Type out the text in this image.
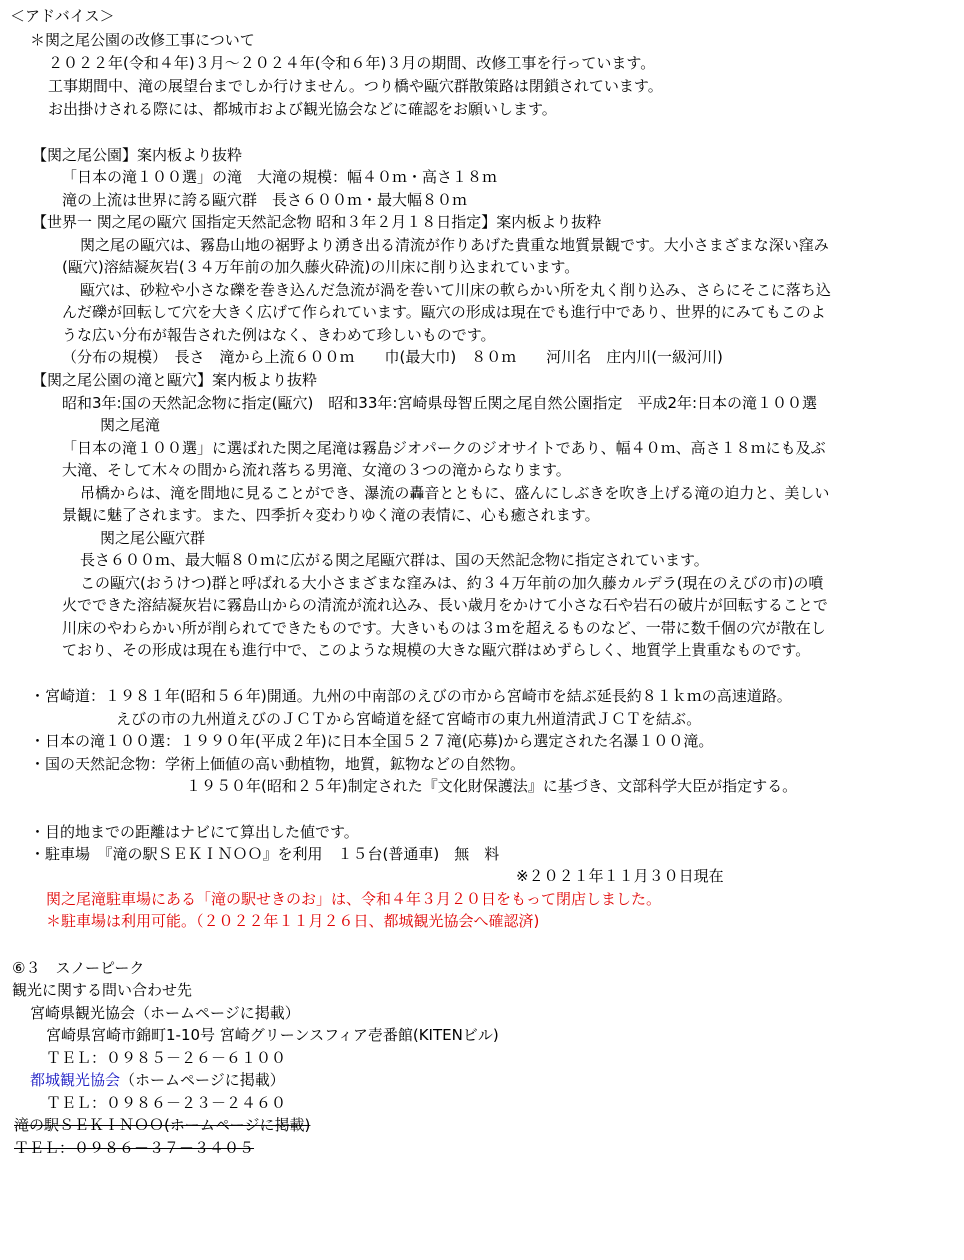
＜アドバイス＞
＊関之尾公園の改修工事について
２０２２年(令和４年)３月～２０２４年(令和６年)３月の期間、改修工事を行っています。
工事期間中、滝の展望台までしか行けません。つり橋や甌穴群散策路は閉鎖されています。
お出掛けされる際には、都城市および観光協会などに確認をお願いします。
【関之尾公園】案内板より抜粋
「日本の滝１００選」の滝　大滝の規模：幅４０ｍ・高さ１８ｍ
滝の上流は世界に誇る甌穴群　長さ６００ｍ・最大幅８０ｍ
【世界一 関之尾の甌穴 国指定天然記念物 昭和３年２月１８日指定】案内板より抜粋
関之尾の甌穴は、霧島山地の裾野より湧き出る清流が作りあげた貴重な地質景観です。大小さまざまな深い窪み
(甌穴)溶結凝灰岩(３４万年前の加久藤火砕流)の川床に削り込まれています。
甌穴は、砂粒や小さな礫を巻き込んだ急流が渦を巻いて川床の軟らかい所を丸く削り込み、さらにそこに落ち込
んだ礫が回転して穴を大きく広げて作られています。甌穴の形成は現在でも進行中であり、世界的にみてもこのよ
うな広い分布が報告された例はなく、きわめて珍しいものです。
（分布の規模）　長さ　滝から上流６００ｍ　　巾(最大巾)　８０ｍ　　河川名　庄内川(一級河川)
【関之尾公園の滝と甌穴】案内板より抜粋
昭和3年:国の天然記念物に指定(甌穴)　昭和33年:宮崎県母智丘関之尾自然公園指定　平成2年:日本の滝１００選
関之尾滝
「日本の滝１００選」に選ばれた関之尾滝は霧島ジオパークのジオサイトであり、幅４０ｍ、高さ１８ｍにも及ぶ
大滝、そして木々の間から流れ落ちる男滝、女滝の３つの滝からなります。
吊橋からは、滝を間地に見ることができ、瀑流の轟音とともに、盛んにしぶきを吹き上げる滝の迫力と、美しい
景観に魅了されます。また、四季折々変わりゆく滝の表情に、心も癒されます。
関之尾公甌穴群
長さ６００ｍ、最大幅８０ｍに広がる関之尾甌穴群は、国の天然記念物に指定されています。
この甌穴(おうけつ)群と呼ばれる大小さまざまな窪みは、約３４万年前の加久藤カルデラ(現在のえびの市)の噴
火でできた溶結凝灰岩に霧島山からの清流が流れ込み、長い歳月をかけて小さな石や岩石の破片が回転することで
川床のやわらかい所が削られてできたものです。大きいものは３ｍを超えるものなど、一帯に数千個の穴が散在し
ており、その形成は現在も進行中で、このような規模の大きな甌穴群はめずらしく、地質学上貴重なものです。
・宮崎道：１９８１年(昭和５６年)開通。九州の中南部のえびの市から宮崎市を結ぶ延長約８１ｋｍの高速道路。
えびの市の九州道えびのＪＣＴから宮崎道を経て宮崎市の東九州道清武ＪＣＴを結ぶ。
・日本の滝１００選：１９９０年(平成２年)に日本全国５２７滝(応募)から選定された名瀑１００滝。
・国の天然記念物：学術上価値の高い動植物，地質，鉱物などの自然物。
１９５０年(昭和２５年)制定された『文化財保護法』に基づき、文部科学大臣が指定する。
・目的地までの距離はナビにて算出した値です。
・駐車場　『滝の駅ＳＥＫＩＮＯＯ』を利用　１５台(普通車)　無　料
※２０２１年１１月３０日現在
関之尾滝駐車場にある「滝の駅せきのお」は、令和４年３月２０日をもって閉店しました。
＊駐車場は利用可能。（２０２２年１１月２６日、都城観光協会へ確認済)
⑥３　スノーピーク
観光に関する問い合わせ先
宮崎県観光協会（ホームページに掲載）
宮崎県宮崎市錦町1-10号 宮崎グリーンスフィア壱番館(KITENビル)
ＴＥＬ：０９８５－２６－６１００
都城観光協会（ホームページに掲載）
ＴＥＬ：０９８６－２３－２４６０
滝の駅ＳＥＫＩＮＯＯ(ホームページに掲載)
ＴＥＬ：０９８６－３７－３４０５
